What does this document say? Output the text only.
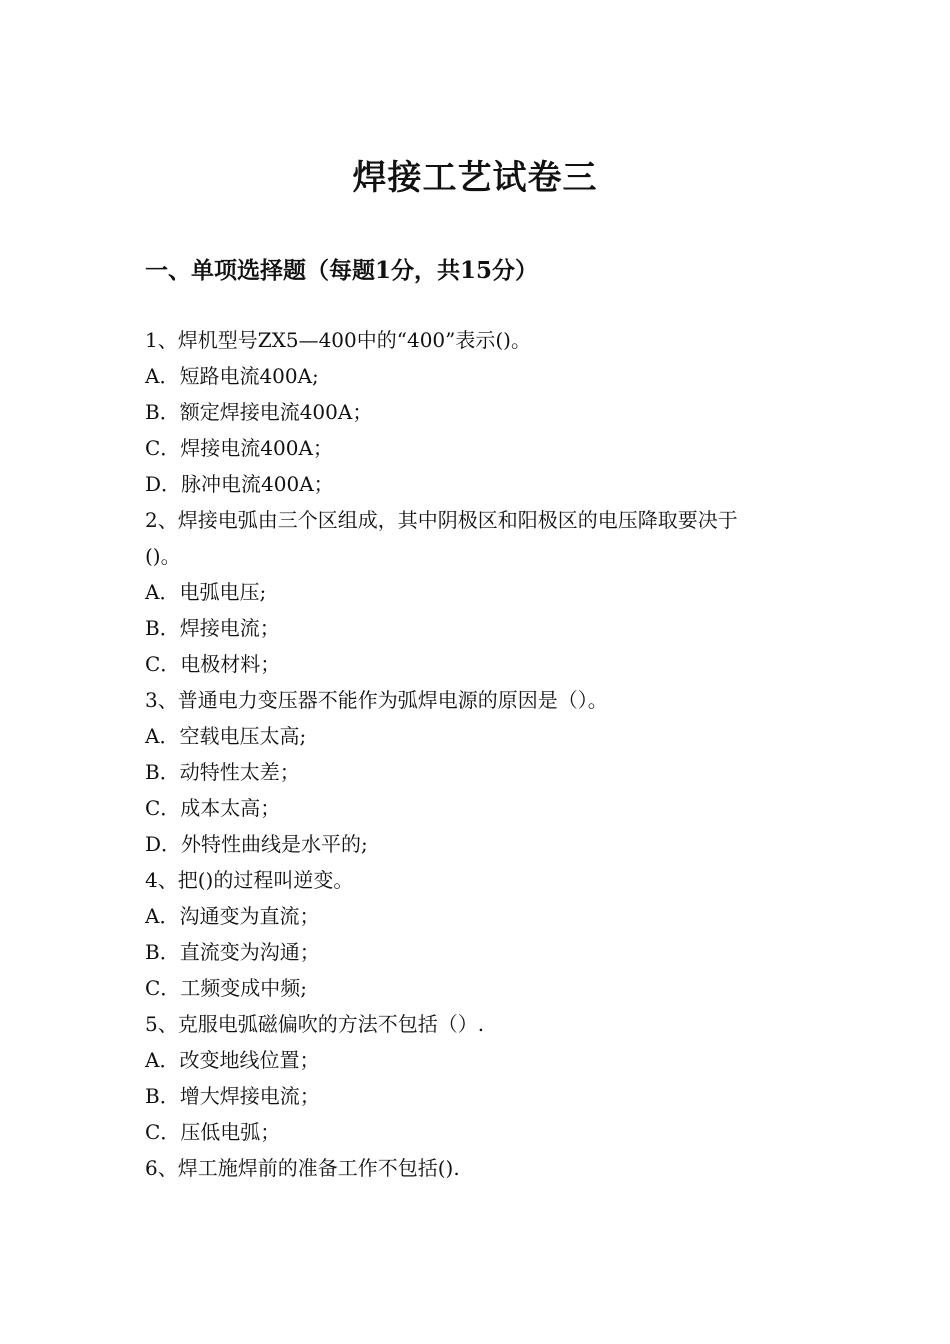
焊接工艺试卷三
一、单项选择题（每题1分，共15分）
1、焊机型号ZX5—400中的“400”表示()。
A．短路电流400A;
B．额定焊接电流400A；
C．焊接电流400A；
D．脉冲电流400A；
2、焊接电弧由三个区组成，其中阴极区和阳极区的电压降取要决于
()。
A．电弧电压;
B．焊接电流；
C．电极材料；
3、普通电力变压器不能作为弧焊电源的原因是（）。
A．空载电压太高;
B．动特性太差；
C．成本太高；
D．外特性曲线是水平的;
4、把()的过程叫逆变。
A．沟通变为直流；
B．直流变为沟通；
C．工频变成中频;
5、克服电弧磁偏吹的方法不包括（）.
A．改变地线位置；
B．增大焊接电流；
C．压低电弧；
6、焊工施焊前的准备工作不包括().
